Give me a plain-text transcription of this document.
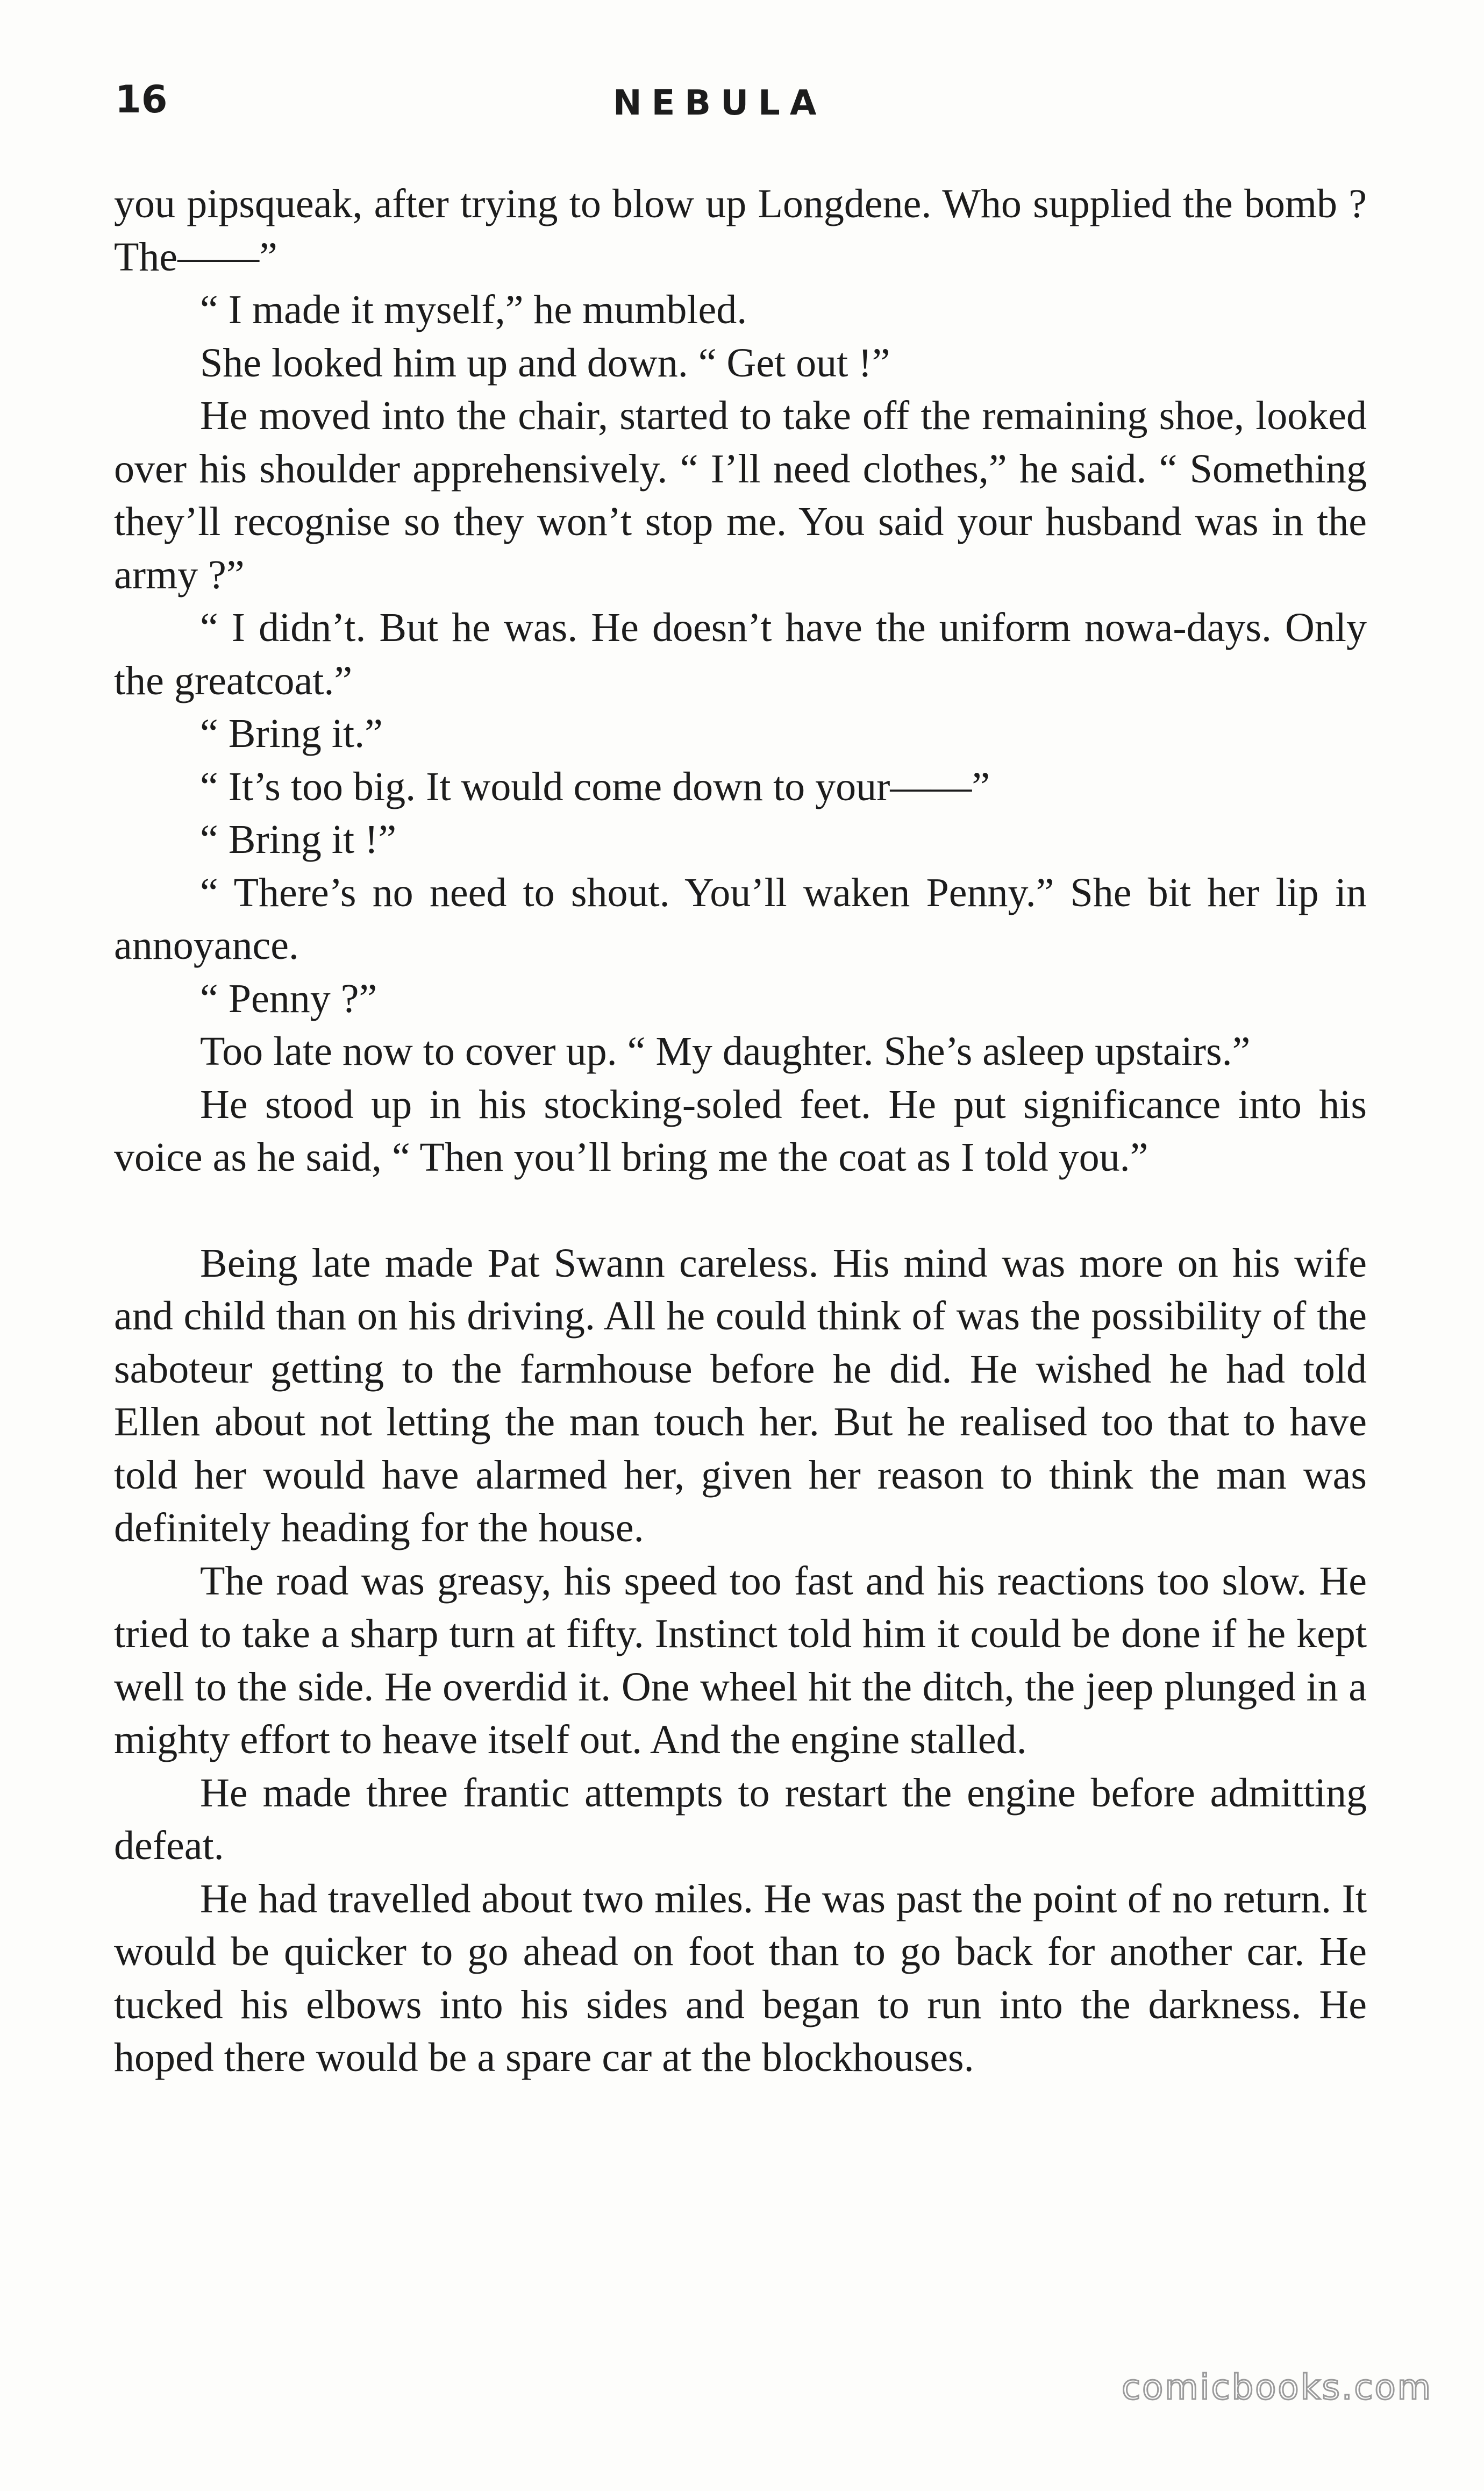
16	NEBULA

you pipsqueak, after trying to blow up Longdene. Who supplied the bomb ? The——”

“ I made it myself,” he mumbled.

She looked him up and down. “ Get out !”

He moved into the chair, started to take off the remaining shoe, looked over his shoulder apprehensively. “ I’ll need clothes,” he said. “ Something they’ll recognise so they won’t stop me. You said your husband was in the army ?”

“ I didn’t. But he was. He doesn’t have the uniform nowa-days. Only the greatcoat.”

“ Bring it.”

“ It’s too big. It would come down to your——”

“ Bring it !”

“ There’s no need to shout. You’ll waken Penny.” She bit her lip in annoyance.

“ Penny ?”

Too late now to cover up. “ My daughter. She’s asleep upstairs.”

He stood up in his stocking-soled feet. He put significance into his voice as he said, “ Then you’ll bring me the coat as I told you.”

Being late made Pat Swann careless. His mind was more on his wife and child than on his driving. All he could think of was the possibility of the saboteur getting to the farmhouse before he did. He wished he had told Ellen about not letting the man touch her. But he realised too that to have told her would have alarmed her, given her reason to think the man was definitely heading for the house.

The road was greasy, his speed too fast and his reactions too slow. He tried to take a sharp turn at fifty. Instinct told him it could be done if he kept well to the side. He overdid it. One wheel hit the ditch, the jeep plunged in a mighty effort to heave itself out. And the engine stalled.

He made three frantic attempts to restart the engine before admitting defeat.

He had travelled about two miles. He was past the point of no return. It would be quicker to go ahead on foot than to go back for another car. He tucked his elbows into his sides and began to run into the darkness. He hoped there would be a spare car at the blockhouses.

comicbooks.com
